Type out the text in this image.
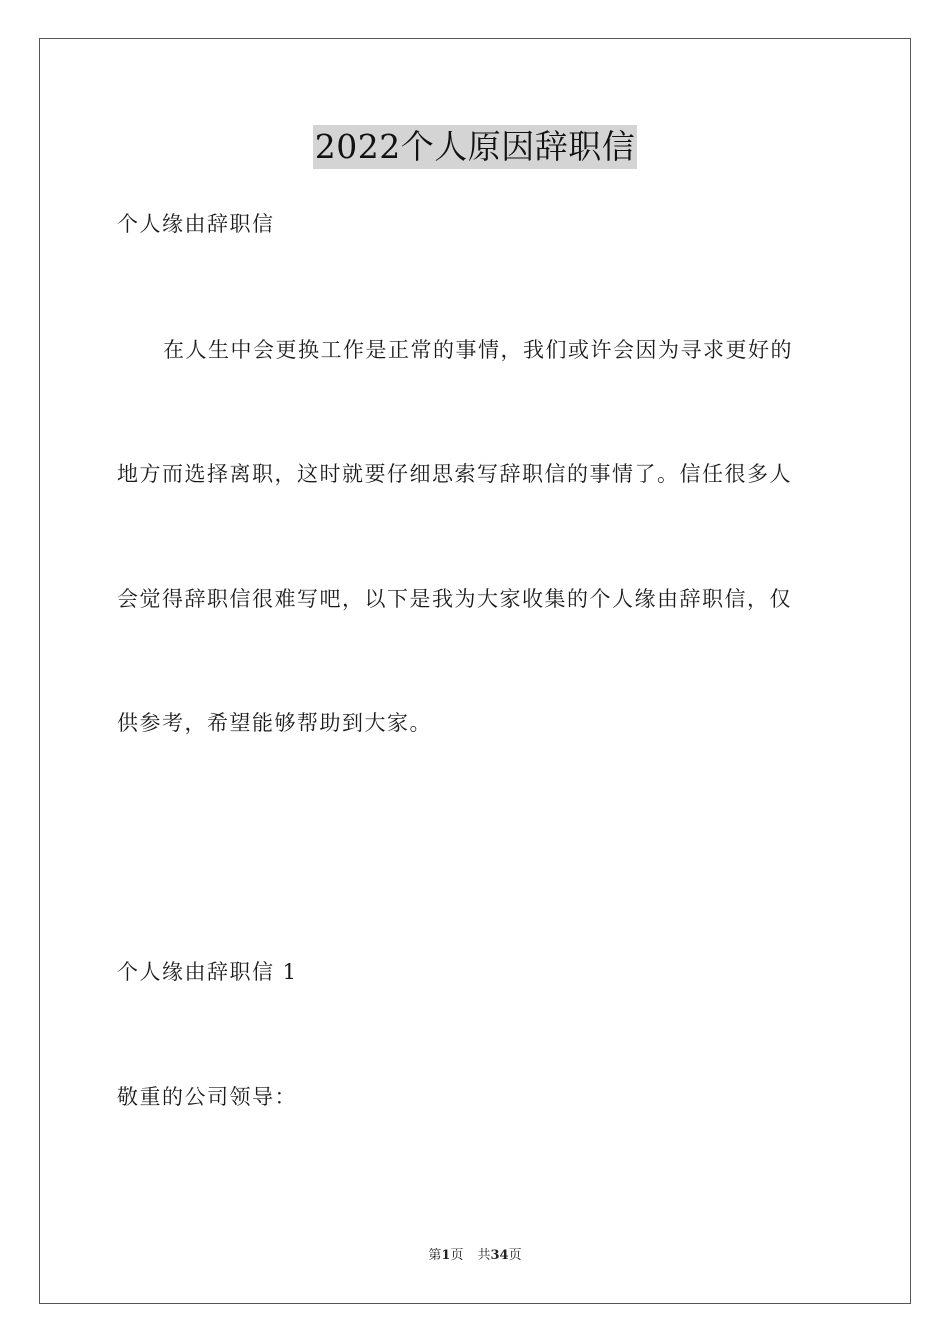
2022个人原因辞职信
个人缘由辞职信
在人生中会更换工作是正常的事情，我们或许会因为寻求更好的
地方而选择离职，这时就要仔细思索写辞职信的事情了。信任很多人
会觉得辞职信很难写吧，以下是我为大家收集的个人缘由辞职信，仅
供参考，希望能够帮助到大家。
个人缘由辞职信 1
敬重的公司领导：
第1页 共34页
